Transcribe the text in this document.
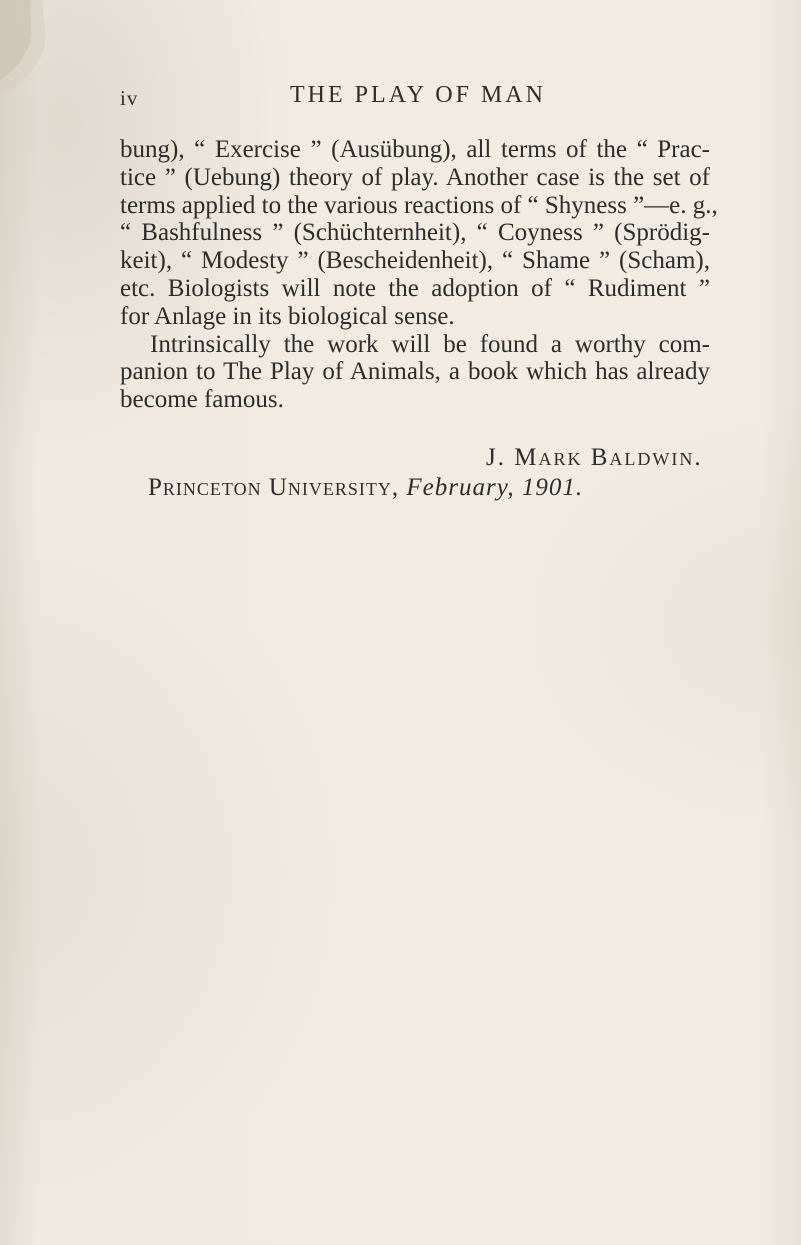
iv	THE PLAY OF MAN
bung), “ Exercise ” (Ausübung), all terms of the “ Prac-
tice ” (Uebung) theory of play. Another case is the set of
terms applied to the various reactions of “ Shyness ”—e. g.,
“ Bashfulness ” (Schüchternheit), “ Coyness ” (Sprödig-
keit), “ Modesty ” (Bescheidenheit), “ Shame ” (Scham),
etc. Biologists will note the adoption of “ Rudiment ”
for Anlage in its biological sense.
Intrinsically the work will be found a worthy com-
panion to The Play of Animals, a book which has already
become famous.
J. Mark Baldwin.
Princeton University, February, 1901.
